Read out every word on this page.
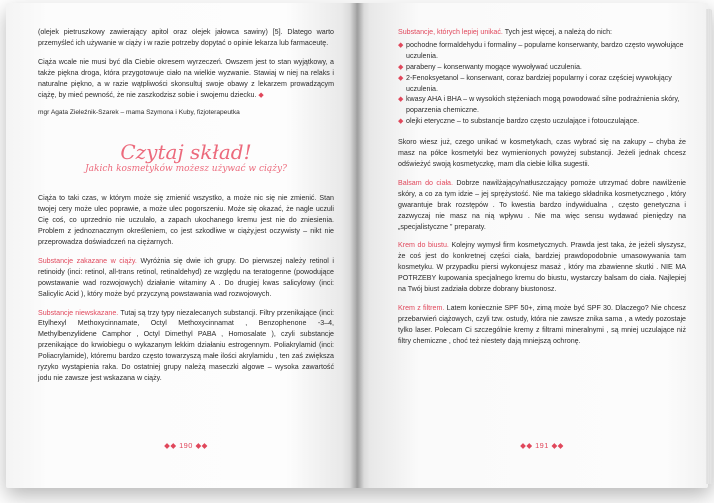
(olejek pietruszkowy zawierający apitol oraz olejek jałowca sawiny) [5]. Dlatego warto przemyśleć ich używanie w ciąży i w razie potrzeby dopytać o opinie lekarza lub farmaceutę.

Ciąża wcale nie musi być dla Ciebie okresem wyrzeczeń. Owszem jest to stan wyjątkowy, a także piękna droga, która przygotowuje ciało na wielkie wyzwanie. Stawiaj w niej na relaks i naturalne piękno, a w razie wątpliwości skonsultuj swoje obawy z lekarzem prowadzącym ciążę, by mieć pewność, że nie zaszkodzisz sobie i swojemu dziecku. ◆

mgr Agata Zieleźnik-Szarek – mama Szymona i Kuby, fizjoterapeutka

Czytaj skład!
Jakich kosmetyków możesz używać w ciąży?

Ciąża to taki czas, w którym może się zmienić wszystko, a może nic się nie zmienić. Stan twojej cery może ulec poprawie, a może ulec pogorszeniu. Może się okazać, że nagle uczuli Cię coś, co uprzednio nie uczulało, a zapach ukochanego kremu jest nie do zniesienia. Problem z jednoznacznym określeniem, co jest szkodliwe w ciąży,jest oczywisty – nikt nie przeprowadza doświadczeń na ciężarnych.

Substancje zakazane w ciąży. Wyróżnia się dwie ich grupy. Do pierwszej należy retinol i retinoidy (inci: retinol, all-trans retinol, retinaldehyd) ze względu na teratogenne (powodujące powstawanie wad rozwojowych) działanie witaminy A . Do drugiej kwas salicylowy (inci: Salicylic Acid ), który może być przyczyną powstawania wad rozwojowych.

Substancje niewskazane. Tutaj są trzy typy niezalecanych substancji. Filtry przenikające (inci: Etylhexyl Methoxycinnamate, Octyl Methoxycinnamat , Benzophenone -3–4, Methylbenzylidene Camphor , Octyl Dimethyl PABA , Homosalate ), czyli substancje przenikające do krwiobiegu o wykazanym lekkim działaniu estrogennym. Poliakrylamid (inci: Poliacrylamide), któremu bardzo często towarzyszą małe ilości akrylamidu , ten zaś zwiększa ryzyko wystąpienia raka. Do ostatniej grupy należą maseczki algowe – wysoka zawartość jodu nie zawsze jest wskazana w ciąży.

◆◆ 190 ◆◆

Substancje, których lepiej unikać. Tych jest więcej, a należą do nich:

◆ pochodne formaldehydu i formaliny – popularne konserwanty, bardzo często wywołujące uczulenia.
◆ parabeny – konserwanty mogące wywoływać uczulenia.
◆ 2-Fenoksyetanol – konserwant, coraz bardziej popularny i coraz częściej wywołujący uczulenia.
◆ kwasy AHA i BHA – w wysokich stężeniach mogą powodować silne podrażnienia skóry, poparzenia chemiczne.
◆ olejki eteryczne – to substancje bardzo często uczulające i fotouczulające.

Skoro wiesz już, czego unikać w kosmetykach, czas wybrać się na zakupy – chyba że masz na półce kosmetyki bez wymienionych powyżej substancji. Jeżeli jednak chcesz odświeżyć swoją kosmetyczkę, mam dla ciebie kilka sugestii.

Balsam do ciała. Dobrze nawilżający/natłuszczający pomoże utrzymać dobre nawilżenie skóry, a co za tym idzie – jej sprężystość. Nie ma takiego składnika kosmetycznego , który gwarantuje brak rozstępów . To kwestia bardzo indywidualna , często genetyczna i zazwyczaj nie masz na nią wpływu . Nie ma więc sensu wydawać pieniędzy na „specjalistyczne ” preparaty.

Krem do biustu. Kolejny wymysł firm kosmetycznych. Prawda jest taka, że jeżeli słyszysz, że coś jest do konkretnej części ciała, bardziej prawdopodobnie umasowywania tam kosmetyku. W przypadku piersi wykonujesz masaż , który ma zbawienne skutki . NIE MA POTRZEBY kupowania specjalnego kremu do biustu, wystarczy balsam do ciała. Najlepiej na Twój biust zadziała dobrze dobrany biustonosz.

Krem z filtrem. Latem koniecznie SPF 50+, zimą może być SPF 30. Dlaczego? Nie chcesz przebarwień ciążowych, czyli tzw. ostudy, która nie zawsze znika sama , a wtedy pozostaje tylko laser. Polecam Ci szczególnie kremy z filtrami mineralnymi , są mniej uczulające niż filtry chemiczne , choć też niestety dają mniejszą ochronę.

◆◆ 191 ◆◆
